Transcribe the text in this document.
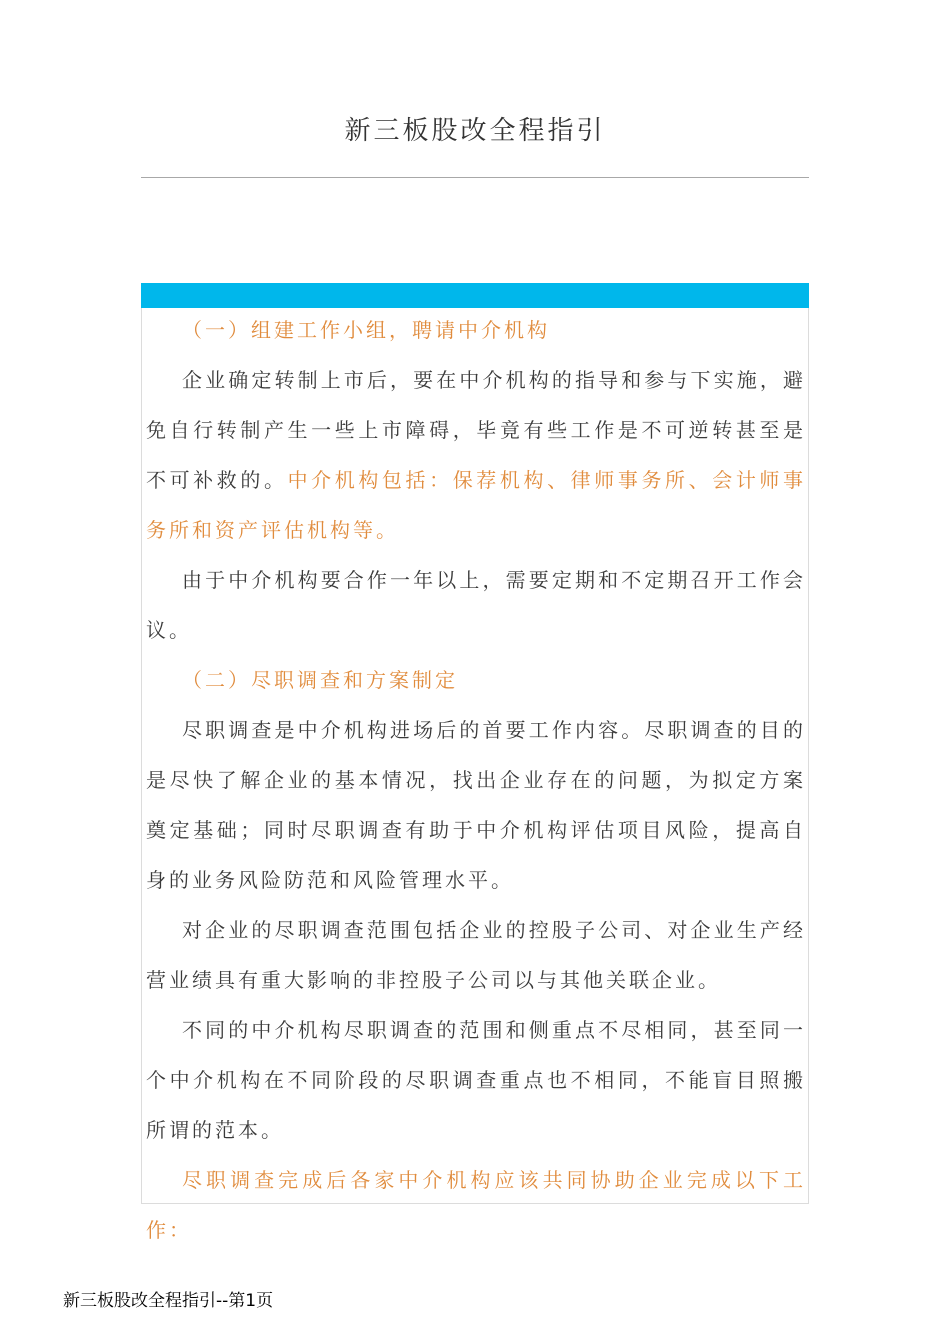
新三板股改全程指引

（一）组建工作小组，聘请中介机构

企业确定转制上市后，要在中介机构的指导和参与下实施，避免自行转制产生一些上市障碍，毕竟有些工作是不可逆转甚至是不可补救的。中介机构包括：保荐机构、律师事务所、会计师事务所和资产评估机构等。

由于中介机构要合作一年以上，需要定期和不定期召开工作会议。

（二）尽职调查和方案制定

尽职调查是中介机构进场后的首要工作内容。尽职调查的目的是尽快了解企业的基本情况，找出企业存在的问题，为拟定方案奠定基础；同时尽职调查有助于中介机构评估项目风险，提高自身的业务风险防范和风险管理水平。

对企业的尽职调查范围包括企业的控股子公司、对企业生产经营业绩具有重大影响的非控股子公司以与其他关联企业。

不同的中介机构尽职调查的范围和侧重点不尽相同，甚至同一个中介机构在不同阶段的尽职调查重点也不相同，不能盲目照搬所谓的范本。

尽职调查完成后各家中介机构应该共同协助企业完成以下工作：

新三板股改全程指引--第1页
